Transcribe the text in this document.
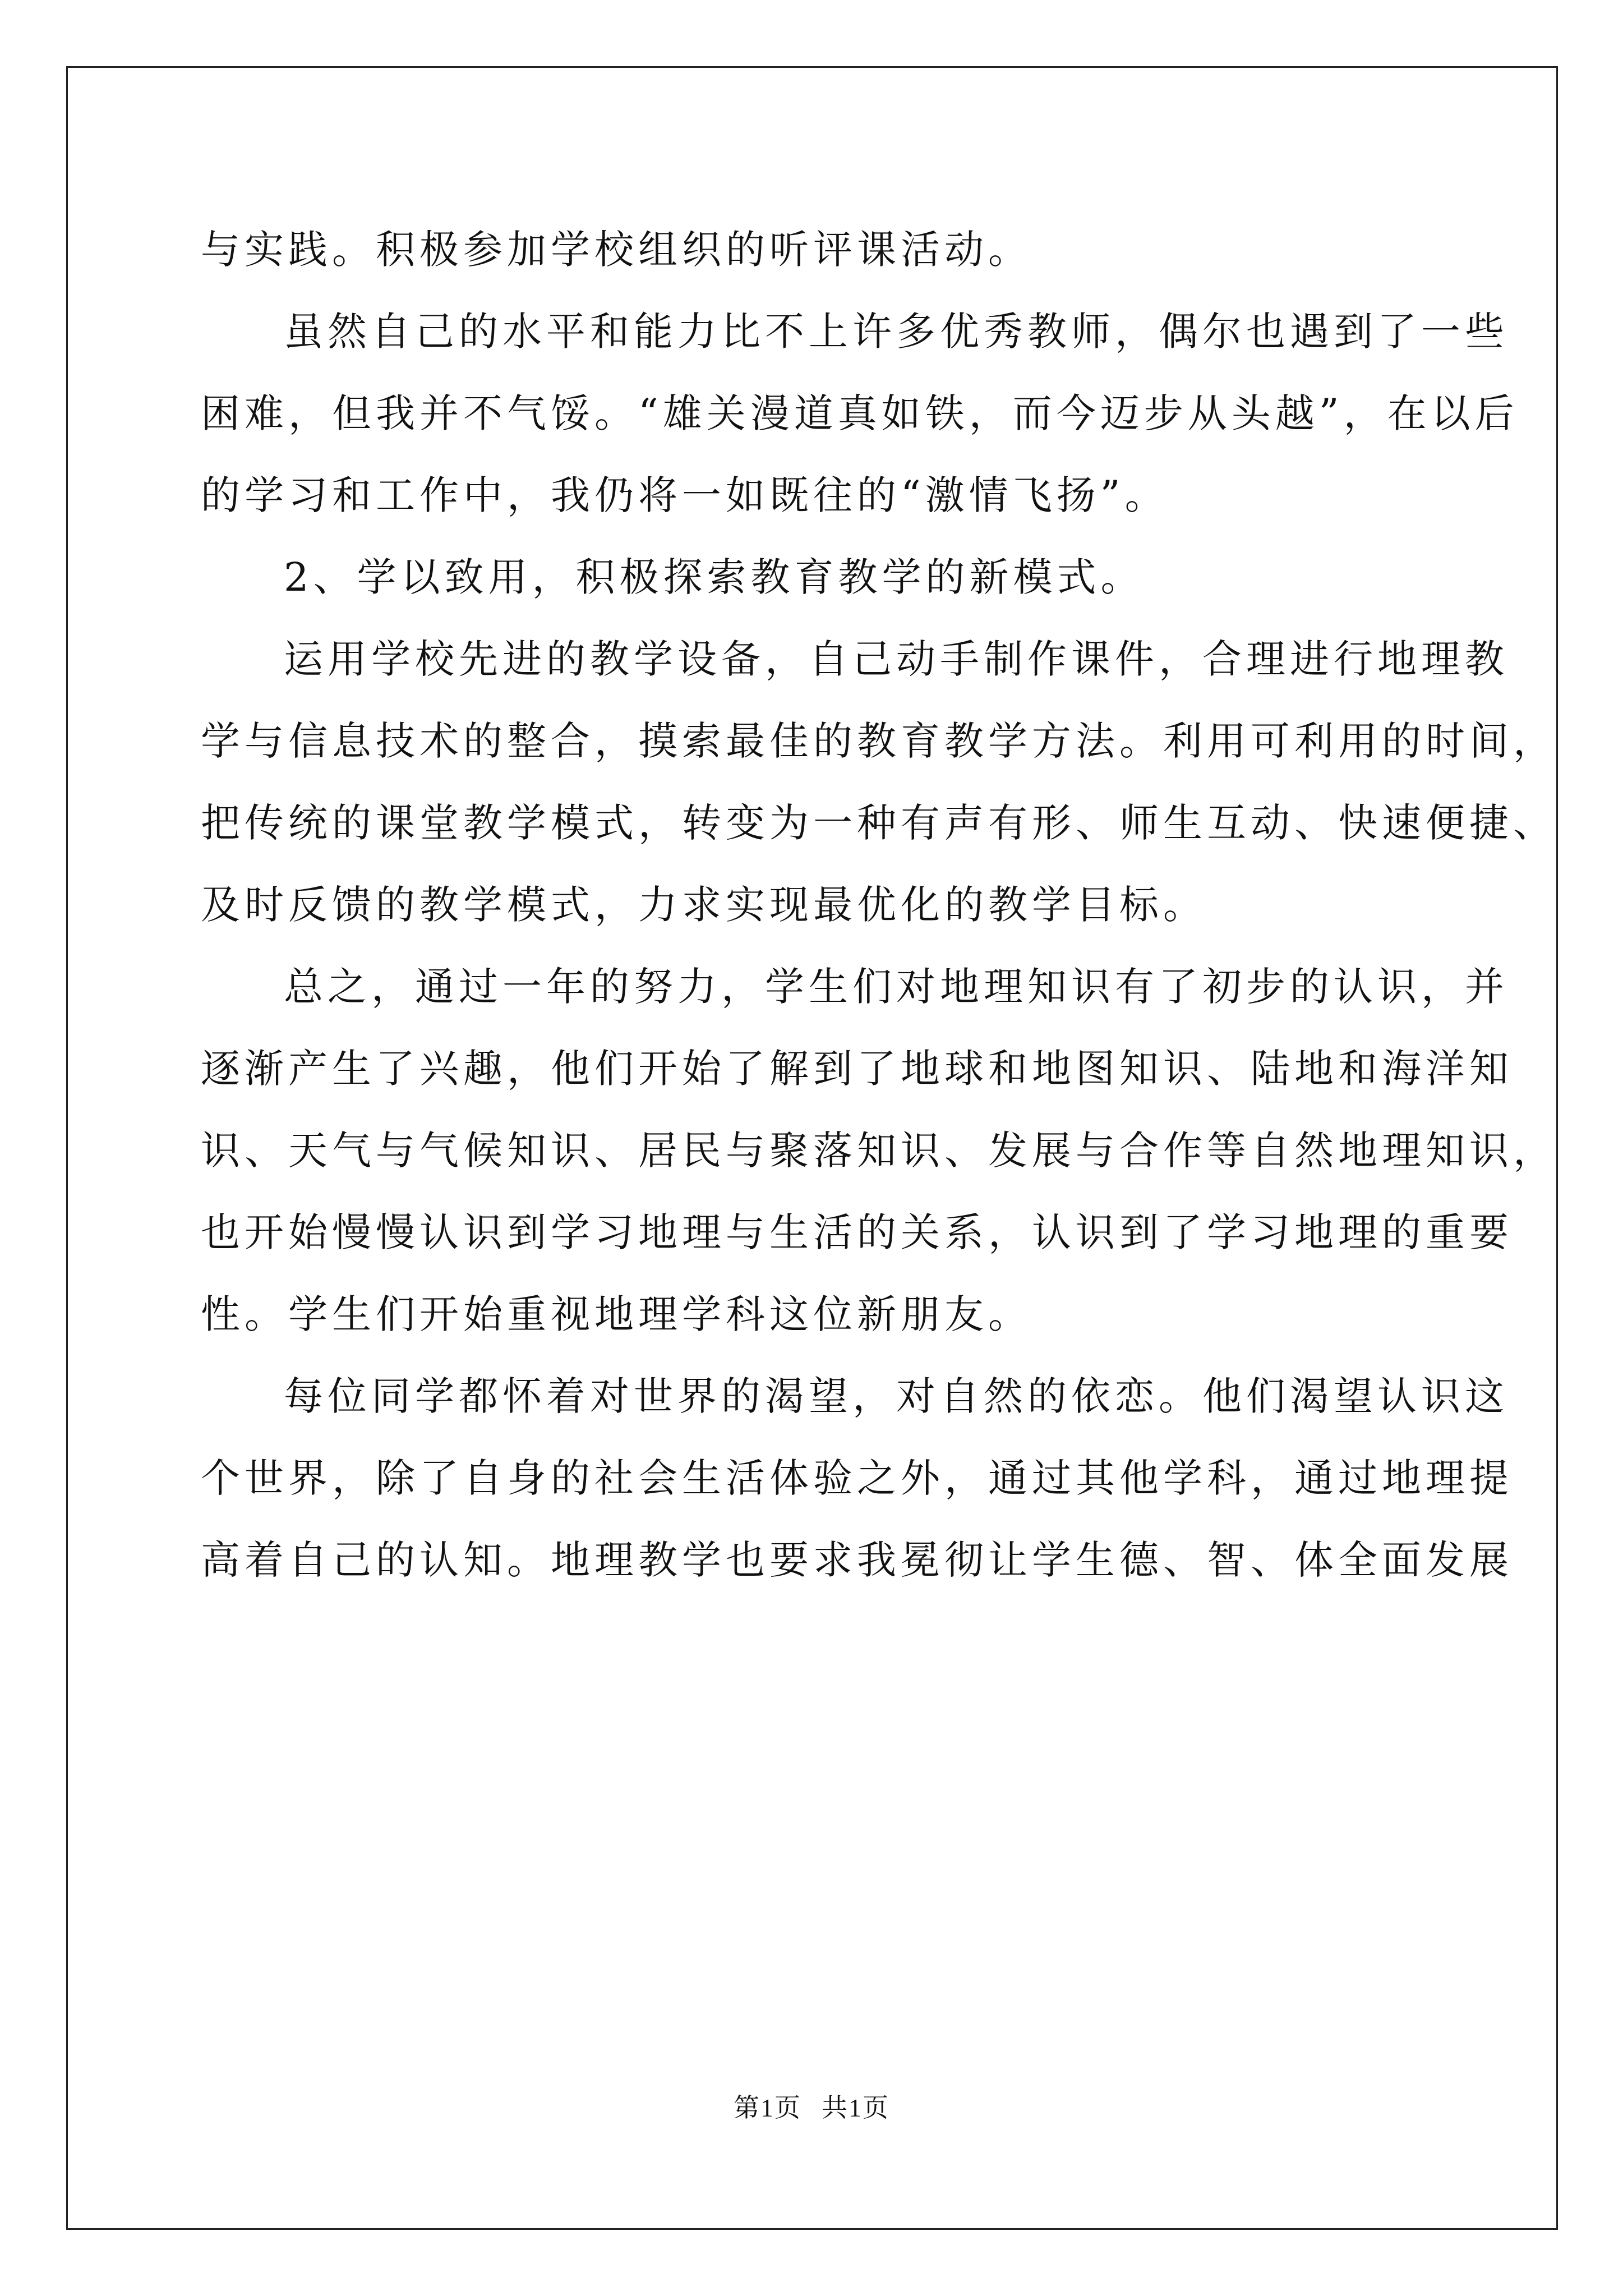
与实践。积极参加学校组织的听评课活动。
虽然自己的水平和能力比不上许多优秀教师，偶尔也遇到了一些
困难，但我并不气馁。“雄关漫道真如铁，而今迈步从头越”，在以后
的学习和工作中，我仍将一如既往的“激情飞扬”。
2、学以致用，积极探索教育教学的新模式。
运用学校先进的教学设备，自己动手制作课件，合理进行地理教
学与信息技术的整合，摸索最佳的教育教学方法。利用可利用的时间，
把传统的课堂教学模式，转变为一种有声有形、师生互动、快速便捷、
及时反馈的教学模式，力求实现最优化的教学目标。
总之，通过一年的努力，学生们对地理知识有了初步的认识，并
逐渐产生了兴趣，他们开始了解到了地球和地图知识、陆地和海洋知
识、天气与气候知识、居民与聚落知识、发展与合作等自然地理知识，
也开始慢慢认识到学习地理与生活的关系，认识到了学习地理的重要
性。学生们开始重视地理学科这位新朋友。
每位同学都怀着对世界的渴望，对自然的依恋。他们渴望认识这
个世界，除了自身的社会生活体验之外，通过其他学科，通过地理提
高着自己的认知。地理教学也要求我冕彻让学生德、智、体全面发展
第1页 共1页
